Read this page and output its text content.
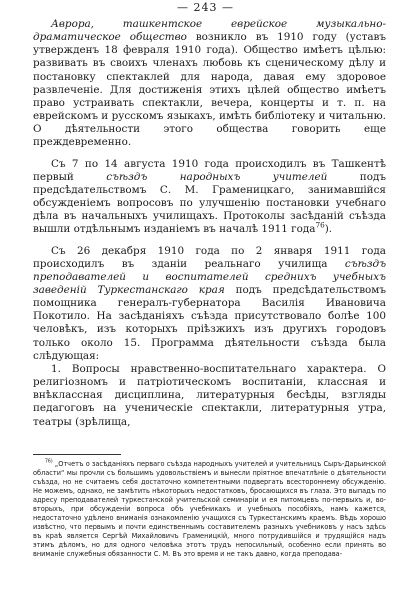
— 243 —

Аврора, ташкентское еврейское музыкально-драматическое общество возникло въ 1910 году (уставъ утвержденъ 18 февраля 1910 года). Общество имѣетъ цѣлью: развивать въ своихъ членахъ любовь къ сценическому дѣлу и постановку спектаклей для народа, давая ему здоровое развлеченіе. Для достиженія этихъ цѣлей общество имѣетъ право устраивать спектакли, вечера, концерты и т. п. на еврейскомъ и русскомъ языкахъ, имѣть библіотеку и читальню. О дѣятельности этого общества говорить еще преждевременно.

Съ 7 по 14 августа 1910 года происходилъ въ Ташкентѣ первый съѣздъ народныхъ учителей подъ предсѣдательствомъ С. М. Граменицкаго, занимавшійся обсужденіемъ вопросовъ по улучшенію постановки учебнаго дѣла въ начальныхъ училищахъ. Протоколы засѣданій съѣзда вышли отдѣльнымъ изданіемъ въ началѣ 1911 года$^{76}$).

Съ 26 декабря 1910 года по 2 января 1911 года происходилъ въ зданіи реальнаго училища съѣздъ преподавателей и воспитателей среднихъ учебныхъ заведеній Туркестанскаго края подъ предсѣдательствомъ помощника генералъ-губернатора Василія Ивановича Покотило. На засѣданіяхъ съѣзда присутствовало болѣе 100 человѣкъ, изъ которыхъ пріѣзжихъ изъ другихъ городовъ только около 15. Программа дѣятельности съѣзда была слѣдующая:

1. Вопросы нравственно-воспитательнаго характера. О религіозномъ и патріотическомъ воспитаніи, классная и внѣклассная дисциплина, литературныя бесѣды, взгляды педагоговъ на ученическіе спектакли, литературныя утра, театры (зрѣлища,

$^{76)}$ „Отчетъ о засѣданіяхъ перваго съѣзда народныхъ учителей и учительницъ Сыръ-Дарьинской области“ мы прочли съ большимъ удовольствіемъ и вынесли пріятное впечатлѣніе о дѣятельности съѣзда, но не считаемъ себя достаточно компетентными подвергать всестороннему обсужденію. Не можемъ, однако, не замѣтить нѣкоторыхъ недостатковъ, бросающихся въ глаза. Это выпадъ по адресу преподавателей туркестанской учительской семинаріи и ея питомцевъ по-первыхъ и, во-вторыхъ, при обсужденіи вопроса объ учебникахъ и учебныхъ пособіяхъ, намъ кажется, недостаточно удѣлено вниманія ознакомленію учащихся съ Туркестанскимъ краемъ. Вѣдь хорошо извѣстно, что первымъ и почти единственнымъ составителемъ разныхъ учебниковъ у насъ здѣсь въ краѣ является Сергѣй Михайловичъ Граменицкій, много потрудившійся и трудящійся надъ этимъ дѣломъ, но для одного человѣка этотъ трудъ непосильный, особенно если принять во вниманіе служебныя обязанности С. М. Въ это время и не такъ давно, когда преподава-
